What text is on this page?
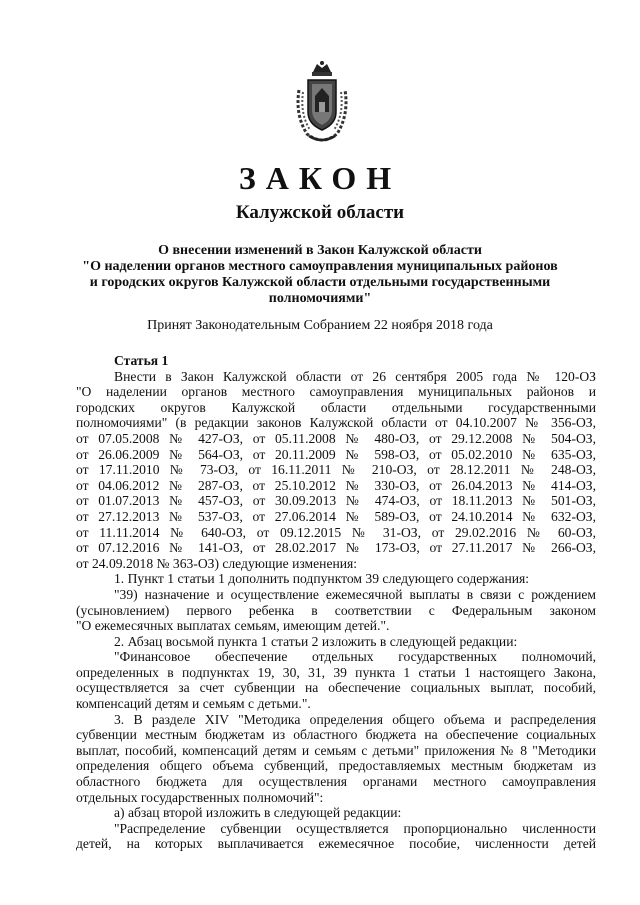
ЗАКОН
Калужской области
О внесении изменений в Закон Калужской области
"О наделении органов местного самоуправления муниципальных районов
и городских округов Калужской области отдельными государственными
полномочиями"
Принят Законодательным Собранием 22 ноября 2018 года
Статья 1
Внести в Закон Калужской области от 26 сентября 2005 года № 120-ОЗ
"О наделении органов местного самоуправления муниципальных районов и
городских округов Калужской области отдельными государственными
полномочиями" (в редакции законов Калужской области от 04.10.2007 № 356-ОЗ,
от 07.05.2008 № 427-ОЗ, от 05.11.2008 № 480-ОЗ, от 29.12.2008 № 504-ОЗ,
от 26.06.2009 № 564-ОЗ, от 20.11.2009 № 598-ОЗ, от 05.02.2010 № 635-ОЗ,
от 17.11.2010 № 73-ОЗ, от 16.11.2011 № 210-ОЗ, от 28.12.2011 № 248-ОЗ,
от 04.06.2012 № 287-ОЗ, от 25.10.2012 № 330-ОЗ, от 26.04.2013 № 414-ОЗ,
от 01.07.2013 № 457-ОЗ, от 30.09.2013 № 474-ОЗ, от 18.11.2013 № 501-ОЗ,
от 27.12.2013 № 537-ОЗ, от 27.06.2014 № 589-ОЗ, от 24.10.2014 № 632-ОЗ,
от 11.11.2014 № 640-ОЗ, от 09.12.2015 № 31-ОЗ, от 29.02.2016 № 60-ОЗ,
от 07.12.2016 № 141-ОЗ, от 28.02.2017 № 173-ОЗ, от 27.11.2017 № 266-ОЗ,
от 24.09.2018 № 363-ОЗ) следующие изменения:
1. Пункт 1 статьи 1 дополнить подпунктом 39 следующего содержания:
"39) назначение и осуществление ежемесячной выплаты в связи с рождением
(усыновлением) первого ребенка в соответствии с Федеральным законом
"О ежемесячных выплатах семьям, имеющим детей.".
2. Абзац восьмой пункта 1 статьи 2 изложить в следующей редакции:
"Финансовое обеспечение отдельных государственных полномочий,
определенных в подпунктах 19, 30, 31, 39 пункта 1 статьи 1 настоящего Закона,
осуществляется за счет субвенции на обеспечение социальных выплат, пособий,
компенсаций детям и семьям с детьми.".
3. В разделе XIV "Методика определения общего объема и распределения
субвенции местным бюджетам из областного бюджета на обеспечение социальных
выплат, пособий, компенсаций детям и семьям с детьми" приложения № 8 "Методики
определения общего объема субвенций, предоставляемых местным бюджетам из
областного бюджета для осуществления органами местного самоуправления
отдельных государственных полномочий":
а) абзац второй изложить в следующей редакции:
"Распределение субвенции осуществляется пропорционально численности
детей, на которых выплачивается ежемесячное пособие, численности детей
